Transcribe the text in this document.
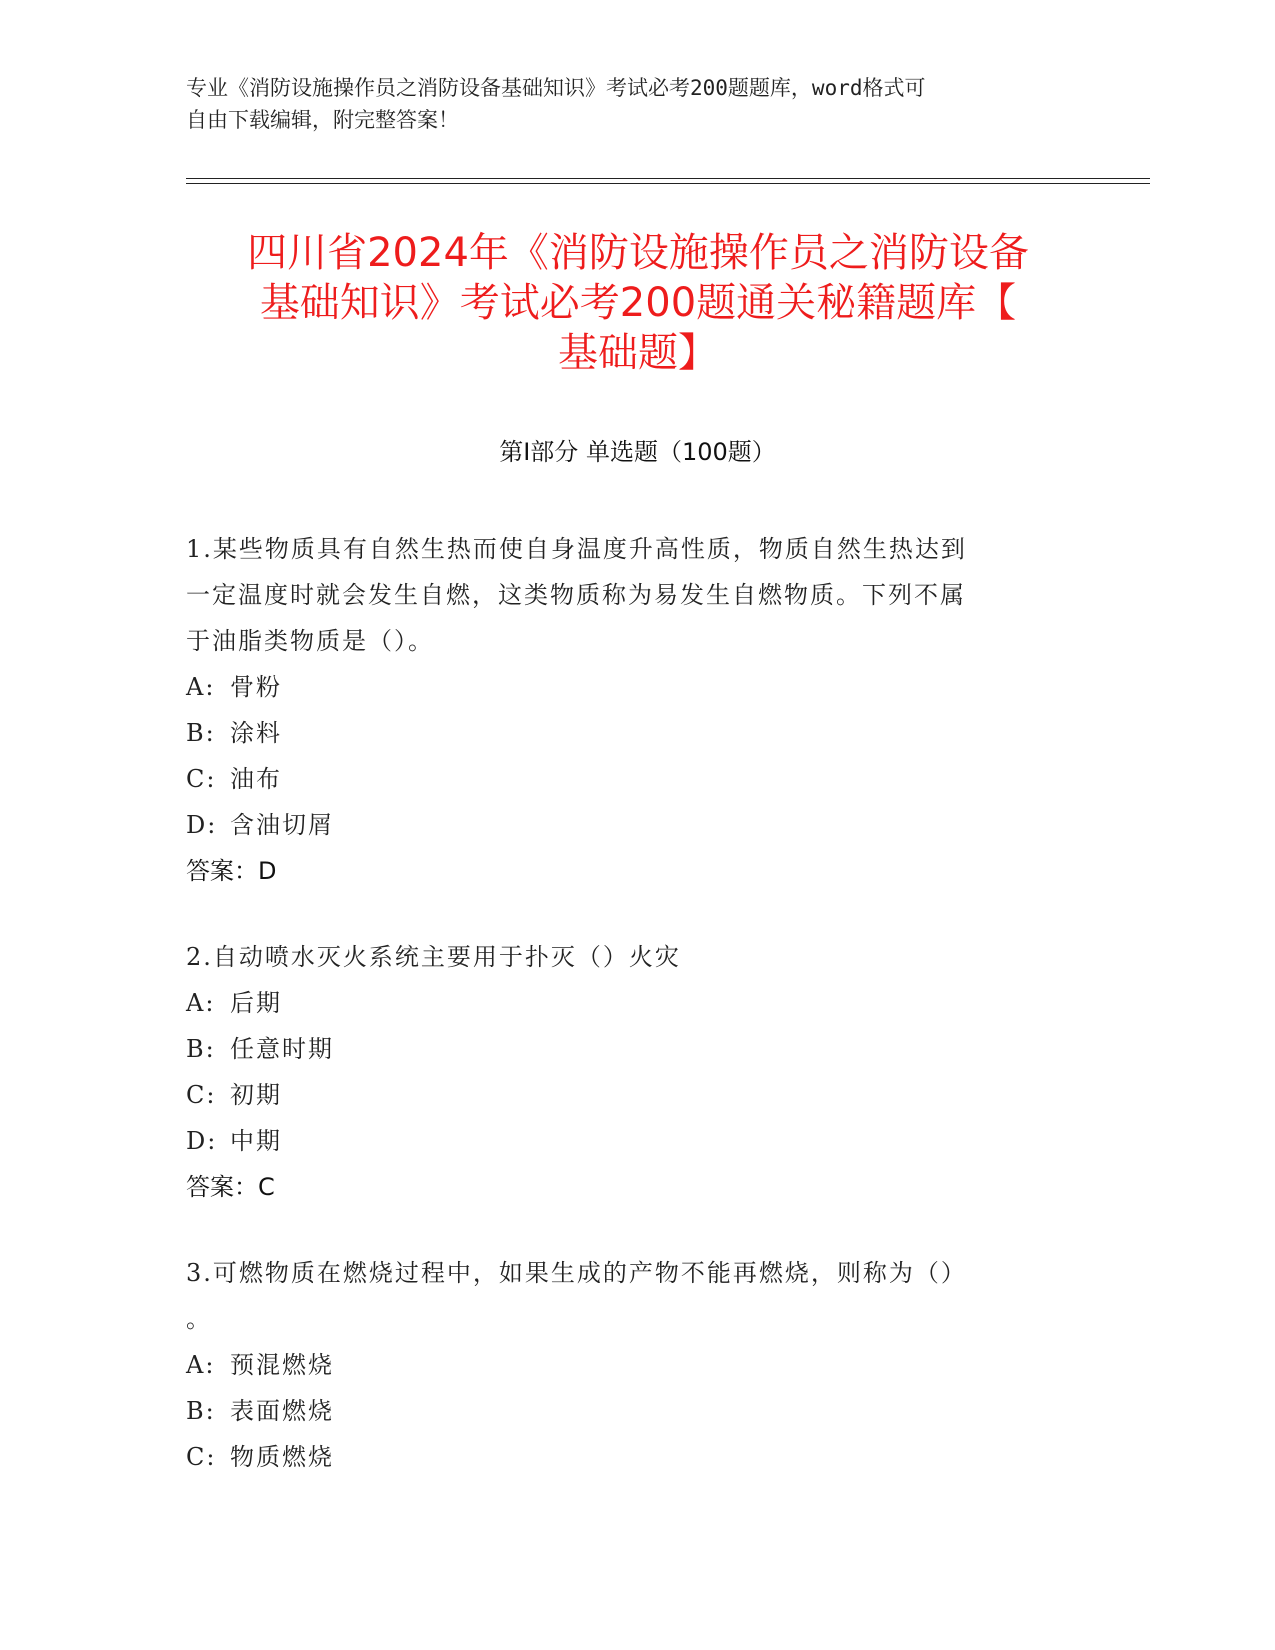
专业《消防设施操作员之消防设备基础知识》考试必考200题题库，word格式可
自由下载编辑，附完整答案！
四川省2024年《消防设施操作员之消防设备
基础知识》考试必考200题通关秘籍题库【
基础题】
第I部分 单选题（100题）
1.某些物质具有自然生热而使自身温度升高性质，物质自然生热达到
一定温度时就会发生自燃，这类物质称为易发生自燃物质。下列不属
于油脂类物质是（）。
A: 骨粉
B: 涂料
C: 油布
D: 含油切屑
答案：D
2.自动喷水灭火系统主要用于扑灭（）火灾
A: 后期
B: 任意时期
C: 初期
D: 中期
答案：C
3.可燃物质在燃烧过程中，如果生成的产物不能再燃烧，则称为（）
。
A: 预混燃烧
B: 表面燃烧
C: 物质燃烧
